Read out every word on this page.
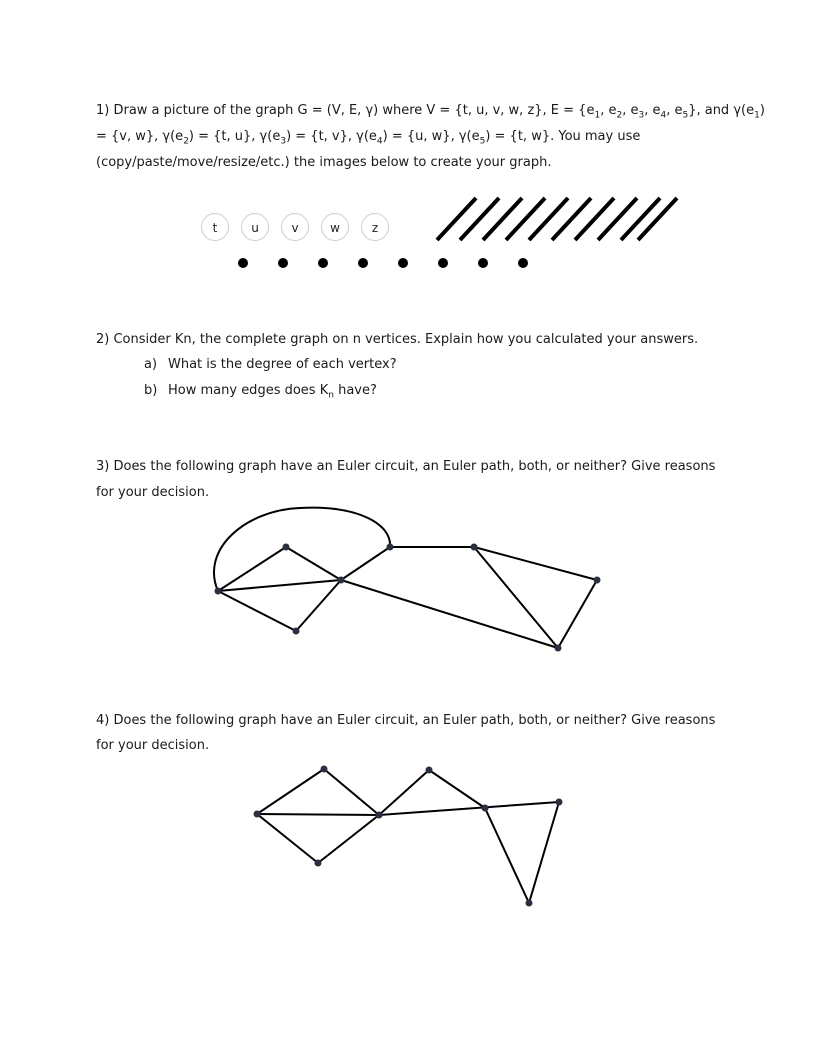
1) Draw a picture of the graph G = (V, E, γ) where V = {t, u, v, w, z}, $E = \{e_1$, $e_2$, $e_3$, $e_4$, $e_5$}, and $\gamma(e_1)$
= {v, w}, $\gamma(e_2) = \{t$, u}, $\gamma(e_3) = \{t$, v}, $\gamma(e_4) = \{u$, w}, $\gamma(e_5) = \{t$, w}. You may use
(copy/paste/move/resize/etc.) the images below to create your graph.
t	u	v	w	z
2) Consider Kn, the complete graph on n vertices. Explain how you calculated your answers.
a) What is the degree of each vertex?
b) How many edges does $K_n$ have?
3) Does the following graph have an Euler circuit, an Euler path, both, or neither? Give reasons
for your decision.
4) Does the following graph have an Euler circuit, an Euler path, both, or neither? Give reasons
for your decision.
